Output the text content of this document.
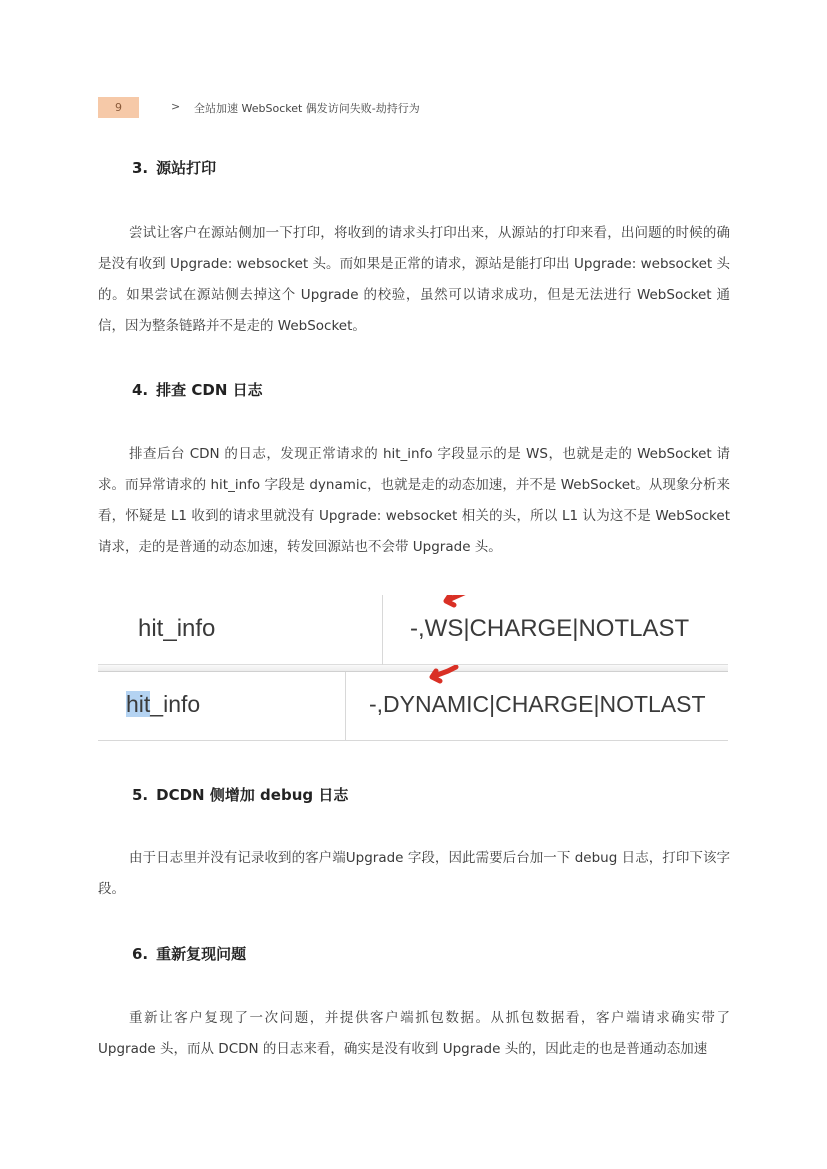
9	> 全站加速 WebSocket 偶发访问失败-劫持行为
3. 源站打印

尝试让客户在源站侧加一下打印，将收到的请求头打印出来，从源站的打印来看，出问题的时候的确是没有收到 Upgrade: websocket 头。而如果是正常的请求，源站是能打印出 Upgrade: websocket 头的。如果尝试在源站侧去掉这个 Upgrade 的校验，虽然可以请求成功，但是无法进行 WebSocket 通信，因为整条链路并不是走的 WebSocket。

4. 排查 CDN 日志

排查后台 CDN 的日志，发现正常请求的 hit_info 字段显示的是 WS，也就是走的 WebSocket 请求。而异常请求的 hit_info 字段是 dynamic，也就是走的动态加速，并不是 WebSocket。从现象分析来看，怀疑是 L1 收到的请求里就没有 Upgrade: websocket 相关的头，所以 L1 认为这不是 WebSocket 请求，走的是普通的动态加速，转发回源站也不会带 Upgrade 头。

hit_info	-,WS|CHARGE|NOTLAST
hit_info	-,DYNAMIC|CHARGE|NOTLAST
5. DCDN 侧增加 debug 日志

由于日志里并没有记录收到的客户端Upgrade 字段，因此需要后台加一下 debug 日志，打印下该字段。

6. 重新复现问题

重新让客户复现了一次问题，并提供客户端抓包数据。从抓包数据看，客户端请求确实带了 Upgrade 头，而从 DCDN 的日志来看，确实是没有收到 Upgrade 头的，因此走的也是普通动态加速
